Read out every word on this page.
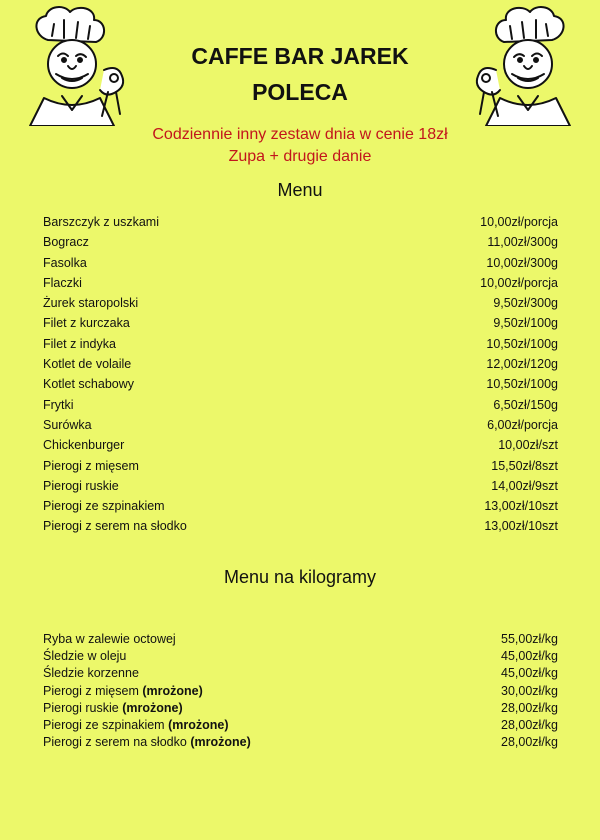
CAFFE BAR JAREK
POLECA
Codziennie inny zestaw dnia w cenie 18zł
Zupa + drugie danie
Menu
Barszczyk z uszkami	10,00zł/porcja
Bogracz	11,00zł/300g
Fasolka	10,00zł/300g
Flaczki	10,00zł/porcja
Żurek staropolski	9,50zł/300g
Filet z kurczaka	9,50zł/100g
Filet z indyka	10,50zł/100g
Kotlet de volaile	12,00zł/120g
Kotlet schabowy	10,50zł/100g
Frytki	6,50zł/150g
Surówka	6,00zł/porcja
Chickenburger	10,00zł/szt
Pierogi z mięsem	15,50zł/8szt
Pierogi ruskie	14,00zł/9szt
Pierogi ze szpinakiem	13,00zł/10szt
Pierogi z serem na słodko	13,00zł/10szt
Menu na kilogramy
Ryba w zalewie octowej	55,00zł/kg
Śledzie w oleju	45,00zł/kg
Śledzie korzenne	45,00zł/kg
Pierogi z mięsem (mrożone)	30,00zł/kg
Pierogi ruskie (mrożone)	28,00zł/kg
Pierogi ze szpinakiem (mrożone)	28,00zł/kg
Pierogi z serem na słodko (mrożone)	28,00zł/kg
